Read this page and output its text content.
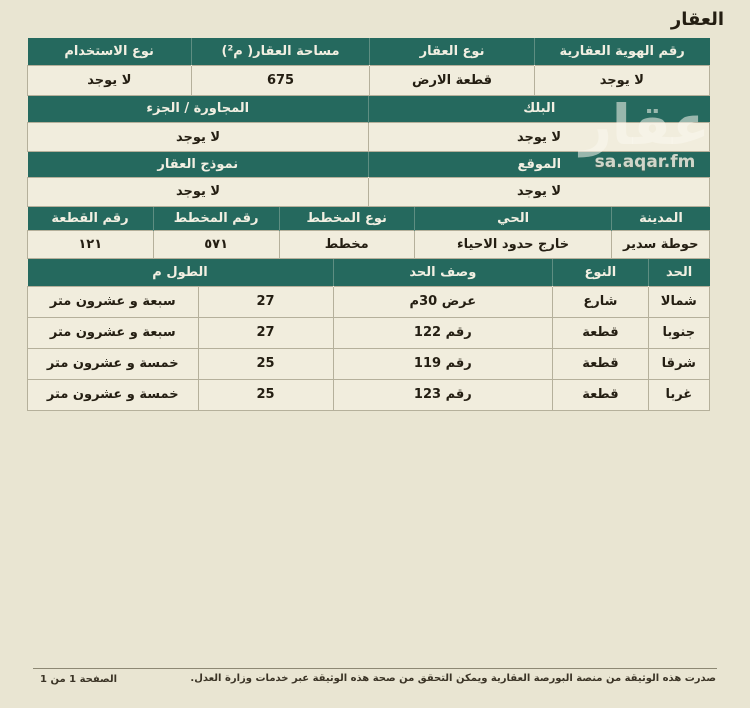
العقار
رقم الهوية العقارية	نوع العقار	مساحة العقار( م²)	نوع الاستخدام
لا يوجد	قطعة الارض	675	لا يوجد
البلك	المجاورة / الجزء
لا يوجد	لا يوجد
الموقع	نموذج العقار
لا يوجد	لا يوجد
المدينة	الحي	نوع المخطط	رقم المخطط	رقم القطعة
حوطة سدير	خارج حدود الاحياء	مخطط	٥٧١	١٢١
الحد	النوع	وصف الحد	الطول م	
شمالا	شارع	عرض 30م	27	سبعة و عشرون متر
جنوبا	قطعة	رقم 122	27	سبعة و عشرون متر
شرقا	قطعة	رقم 119	25	خمسة و عشرون متر
غربا	قطعة	رقم 123	25	خمسة و عشرون متر
عقار
sa.aqar.fm
صدرت هذه الوثيقة من منصة البورصة العقارية ويمكن التحقق من صحة هذه الوثيقة عبر خدمات وزارة العدل.
الصفحة 1 من 1
